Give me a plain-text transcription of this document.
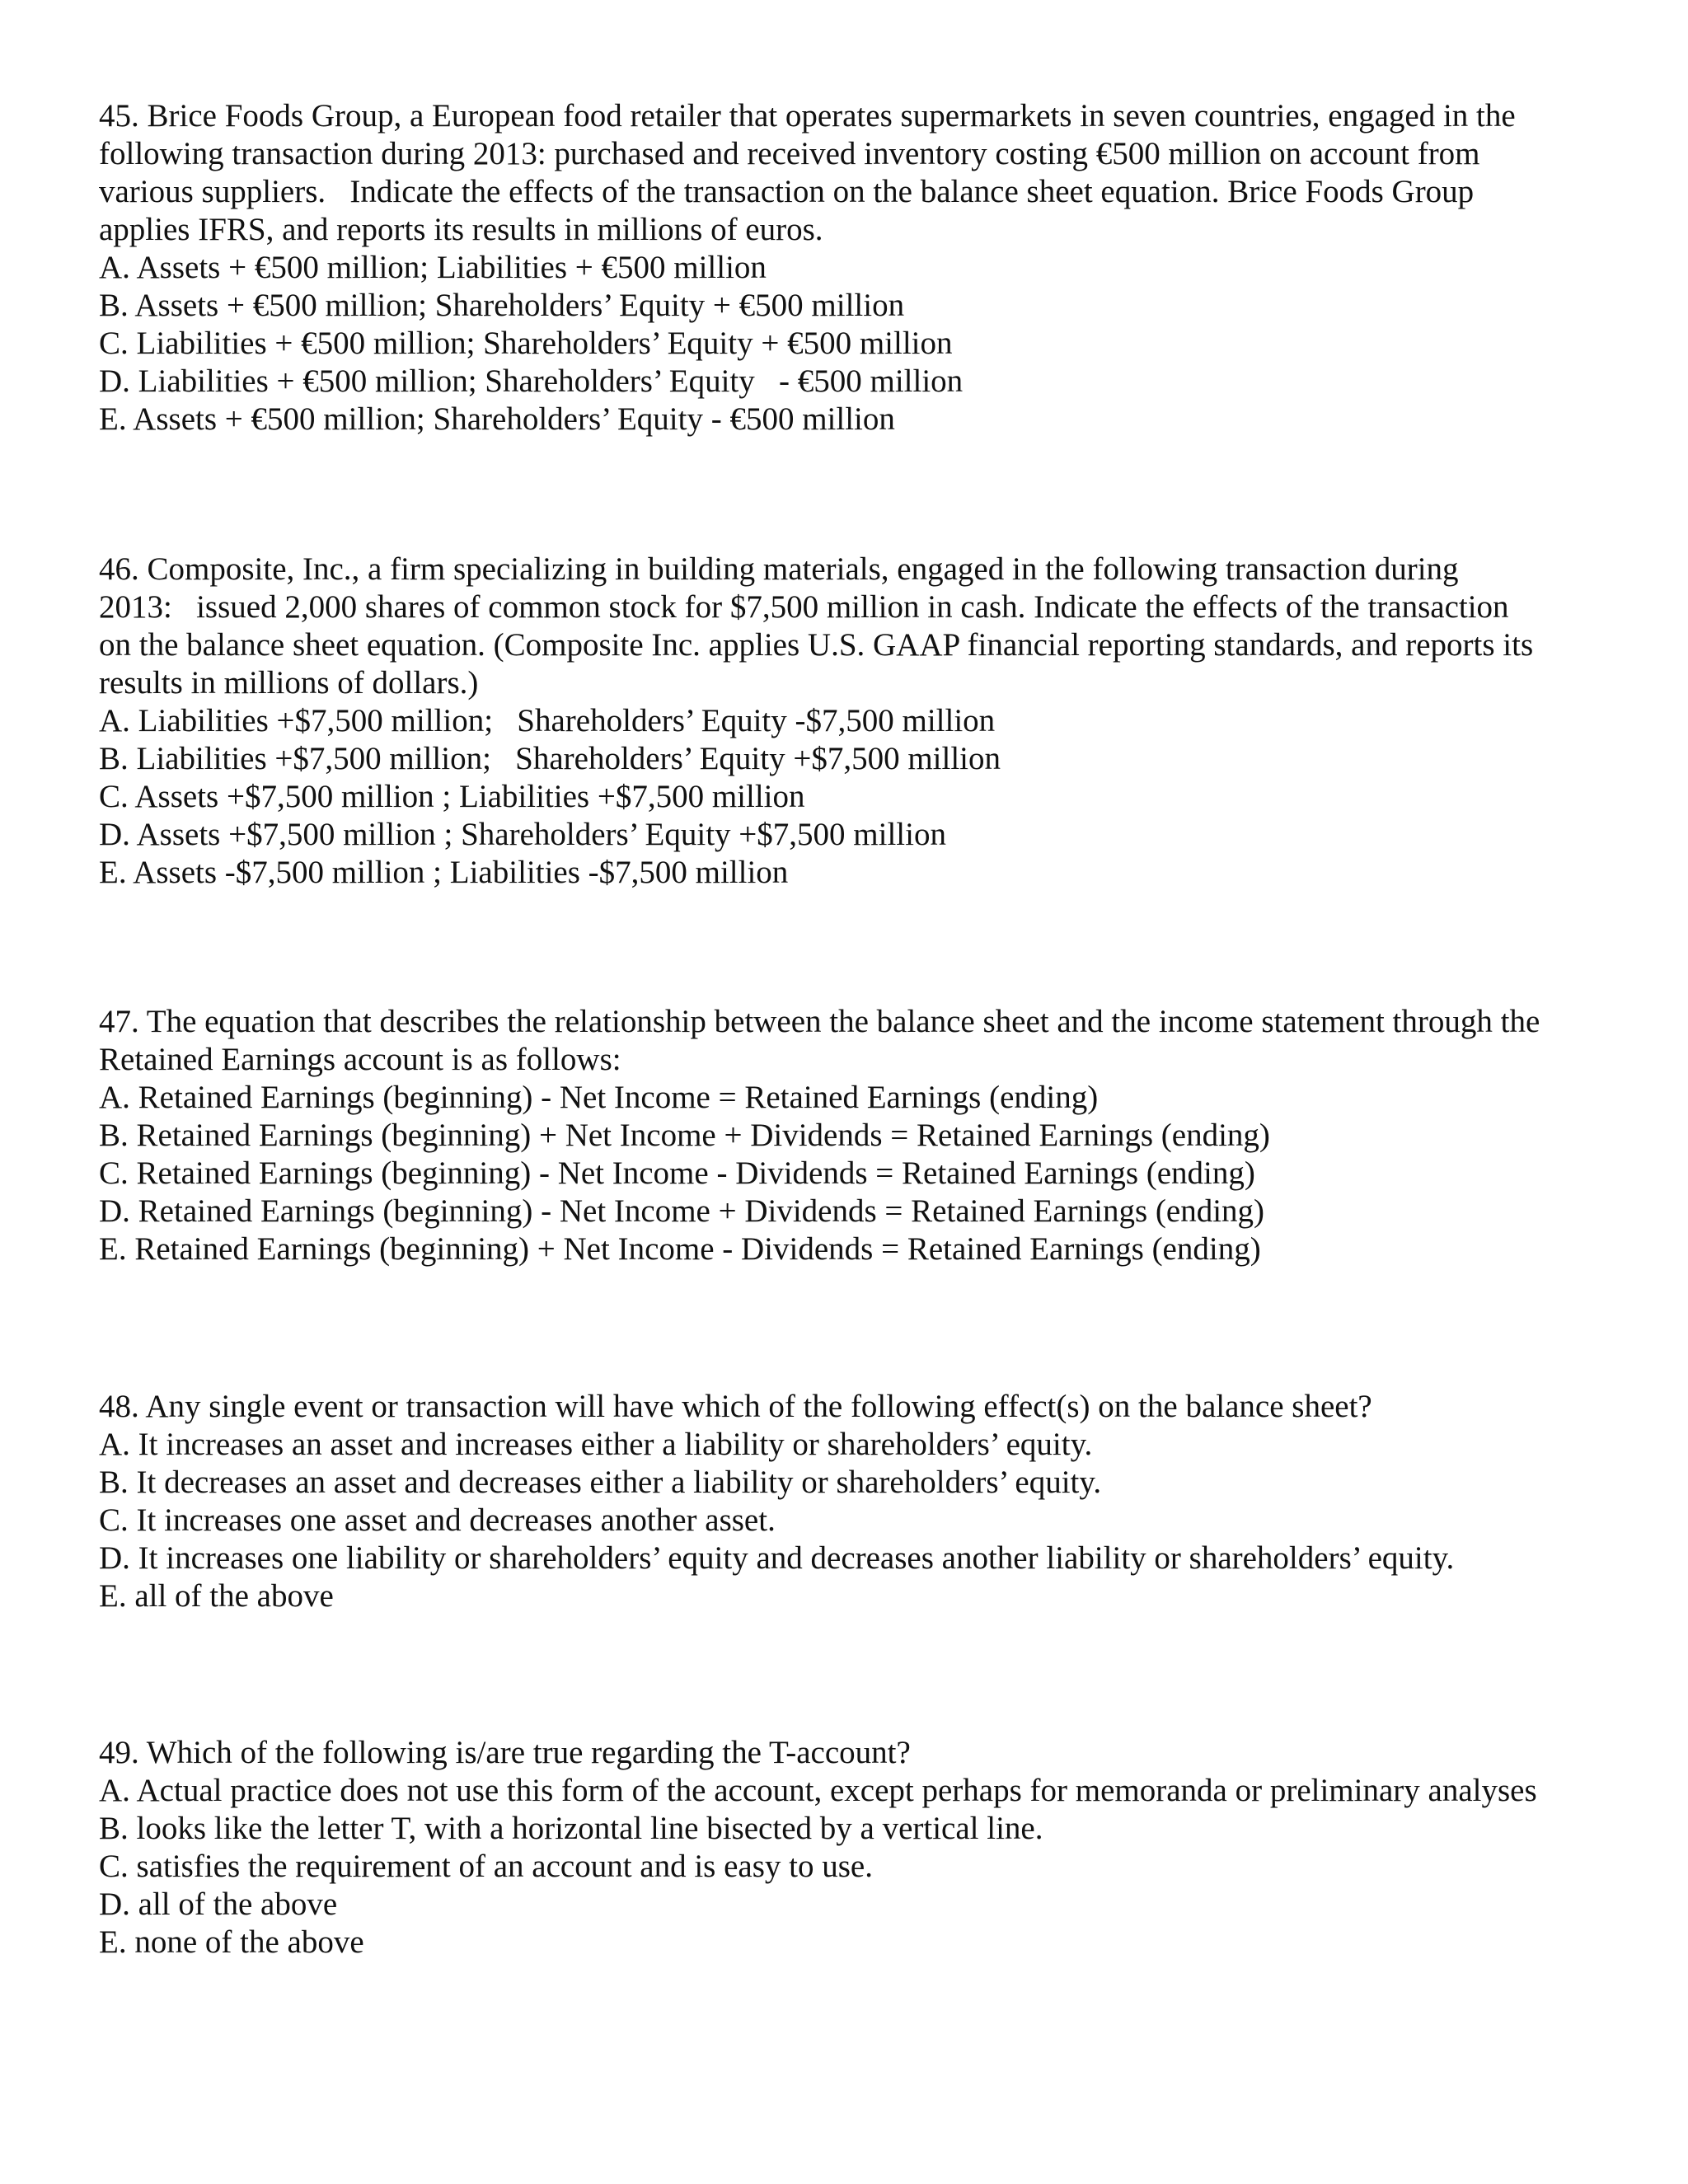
45. Brice Foods Group, a European food retailer that operates supermarkets in seven countries, engaged in the
following transaction during 2013: purchased and received inventory costing €500 million on account from
various suppliers.   Indicate the effects of the transaction on the balance sheet equation. Brice Foods Group
applies IFRS, and reports its results in millions of euros.
A. Assets + €500 million; Liabilities + €500 million
B. Assets + €500 million; Shareholders’ Equity + €500 million
C. Liabilities + €500 million; Shareholders’ Equity + €500 million
D. Liabilities + €500 million; Shareholders’ Equity   - €500 million
E. Assets + €500 million; Shareholders’ Equity - €500 million
46. Composite, Inc., a firm specializing in building materials, engaged in the following transaction during
2013:   issued 2,000 shares of common stock for $7,500 million in cash. Indicate the effects of the transaction
on the balance sheet equation. (Composite Inc. applies U.S. GAAP financial reporting standards, and reports its
results in millions of dollars.)
A. Liabilities +$7,500 million;   Shareholders’ Equity -$7,500 million
B. Liabilities +$7,500 million;   Shareholders’ Equity +$7,500 million
C. Assets +$7,500 million ; Liabilities +$7,500 million
D. Assets +$7,500 million ; Shareholders’ Equity +$7,500 million
E. Assets -$7,500 million ; Liabilities -$7,500 million
47. The equation that describes the relationship between the balance sheet and the income statement through the
Retained Earnings account is as follows:
A. Retained Earnings (beginning) - Net Income = Retained Earnings (ending)
B. Retained Earnings (beginning) + Net Income + Dividends = Retained Earnings (ending)
C. Retained Earnings (beginning) - Net Income - Dividends = Retained Earnings (ending)
D. Retained Earnings (beginning) - Net Income + Dividends = Retained Earnings (ending)
E. Retained Earnings (beginning) + Net Income - Dividends = Retained Earnings (ending)
48. Any single event or transaction will have which of the following effect(s) on the balance sheet?
A. It increases an asset and increases either a liability or shareholders’ equity.
B. It decreases an asset and decreases either a liability or shareholders’ equity.
C. It increases one asset and decreases another asset.
D. It increases one liability or shareholders’ equity and decreases another liability or shareholders’ equity.
E. all of the above
49. Which of the following is/are true regarding the T-account?
A. Actual practice does not use this form of the account, except perhaps for memoranda or preliminary analyses
B. looks like the letter T, with a horizontal line bisected by a vertical line.
C. satisfies the requirement of an account and is easy to use.
D. all of the above
E. none of the above
